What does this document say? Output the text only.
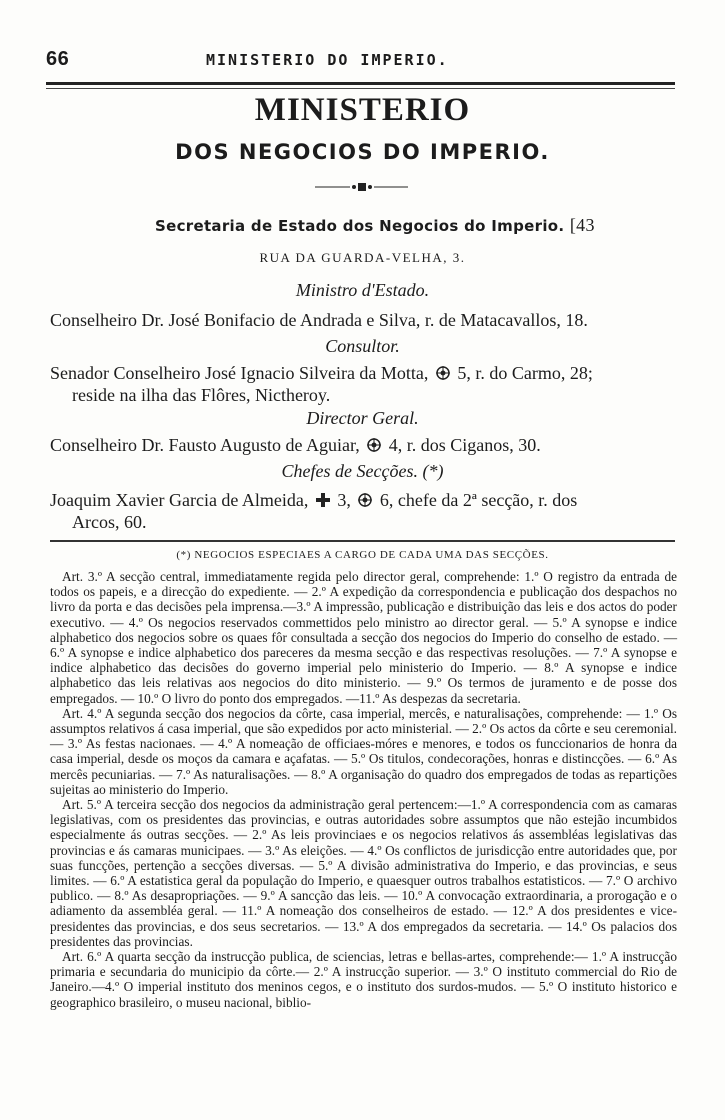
66	MINISTERIO DO IMPERIO.
MINISTERIO
DOS NEGOCIOS DO IMPERIO.
Secretaria de Estado dos Negocios do Imperio. [43
RUA DA GUARDA-VELHA, 3.
Ministro d'Estado.
Conselheiro Dr. José Bonifacio de Andrada e Silva, r. de Matacavallos, 18.
Consultor.
Senador Conselheiro José Ignacio Silveira da Motta,  5, r. do Carmo, 28;
reside na ilha das Flôres, Nictheroy.
Director Geral.
Conselheiro Dr. Fausto Augusto de Aguiar,  4, r. dos Ciganos, 30.
Chefes de Secções. (*)
Joaquim Xavier Garcia de Almeida,  3,  6, chefe da 2ª secção, r. dos
Arcos, 60.
(*) NEGOCIOS ESPECIAES A CARGO DE CADA UMA DAS SECÇÕES.

Art. 3.º A secção central, immediatamente regida pelo director geral, comprehende: 1.º O registro da entrada de todos os papeis, e a direcção do expediente. — 2.º A expedição da correspondencia e publicação dos despachos no livro da porta e das decisões pela imprensa.—3.º A impressão, publicação e distribuição das leis e dos actos do poder executivo. — 4.º Os negocios reservados commettidos pelo ministro ao director geral. — 5.º A synopse e indice alphabetico dos negocios sobre os quaes fôr consultada a secção dos negocios do Imperio do conselho de estado. — 6.º A synopse e indice alphabetico dos pareceres da mesma secção e das respectivas resoluções. — 7.º A synopse e indice alphabetico das decisões do governo imperial pelo ministerio do Imperio. — 8.º A synopse e indice alphabetico das leis relativas aos negocios do dito ministerio. — 9.º Os termos de juramento e de posse dos empregados. — 10.º O livro do ponto dos empregados. —11.º As despezas da secretaria.

Art. 4.º A segunda secção dos negocios da côrte, casa imperial, mercês, e naturalisações, comprehende: — 1.º Os assumptos relativos á casa imperial, que são expedidos por acto ministerial. — 2.º Os actos da côrte e seu ceremonial. — 3.º As festas nacionaes. — 4.º A nomeação de officiaes-móres e menores, e todos os funccionarios de honra da casa imperial, desde os moços da camara e açafatas. — 5.º Os titulos, condecorações, honras e distincções. — 6.º As mercês pecuniarias. — 7.º As naturalisações. — 8.º A organisação do quadro dos empregados de todas as repartições sujeitas ao ministerio do Imperio.

Art. 5.º A terceira secção dos negocios da administração geral pertencem:—1.º A correspondencia com as camaras legislativas, com os presidentes das provincias, e outras autoridades sobre assumptos que não estejão incumbidos especialmente ás outras secções. — 2.º As leis provinciaes e os negocios relativos ás assembléas legislativas das provincias e ás camaras municipaes. — 3.º As eleições. — 4.º Os conflictos de jurisdicção entre autoridades que, por suas funcções, pertenção a secções diversas. — 5.º A divisão administrativa do Imperio, e das provincias, e seus limites. — 6.º A estatistica geral da população do Imperio, e quaesquer outros trabalhos estatisticos. — 7.º O archivo publico. — 8.º As desapropriações. — 9.º A sancção das leis. — 10.º A convocação extraordinaria, a prorogação e o adiamento da assembléa geral. — 11.º A nomeação dos conselheiros de estado. — 12.º A dos presidentes e vice-presidentes das provincias, e dos seus secretarios. — 13.º A dos empregados da secretaria. — 14.º Os palacios dos presidentes das provincias.

Art. 6.º A quarta secção da instrucção publica, de sciencias, letras e bellas-artes, comprehende:— 1.º A instrucção primaria e secundaria do municipio da côrte.— 2.º A instrucção superior. — 3.º O instituto commercial do Rio de Janeiro.—4.º O imperial instituto dos meninos cegos, e o instituto dos surdos-mudos. — 5.º O instituto historico e geographico brasileiro, o museu nacional, biblio-
